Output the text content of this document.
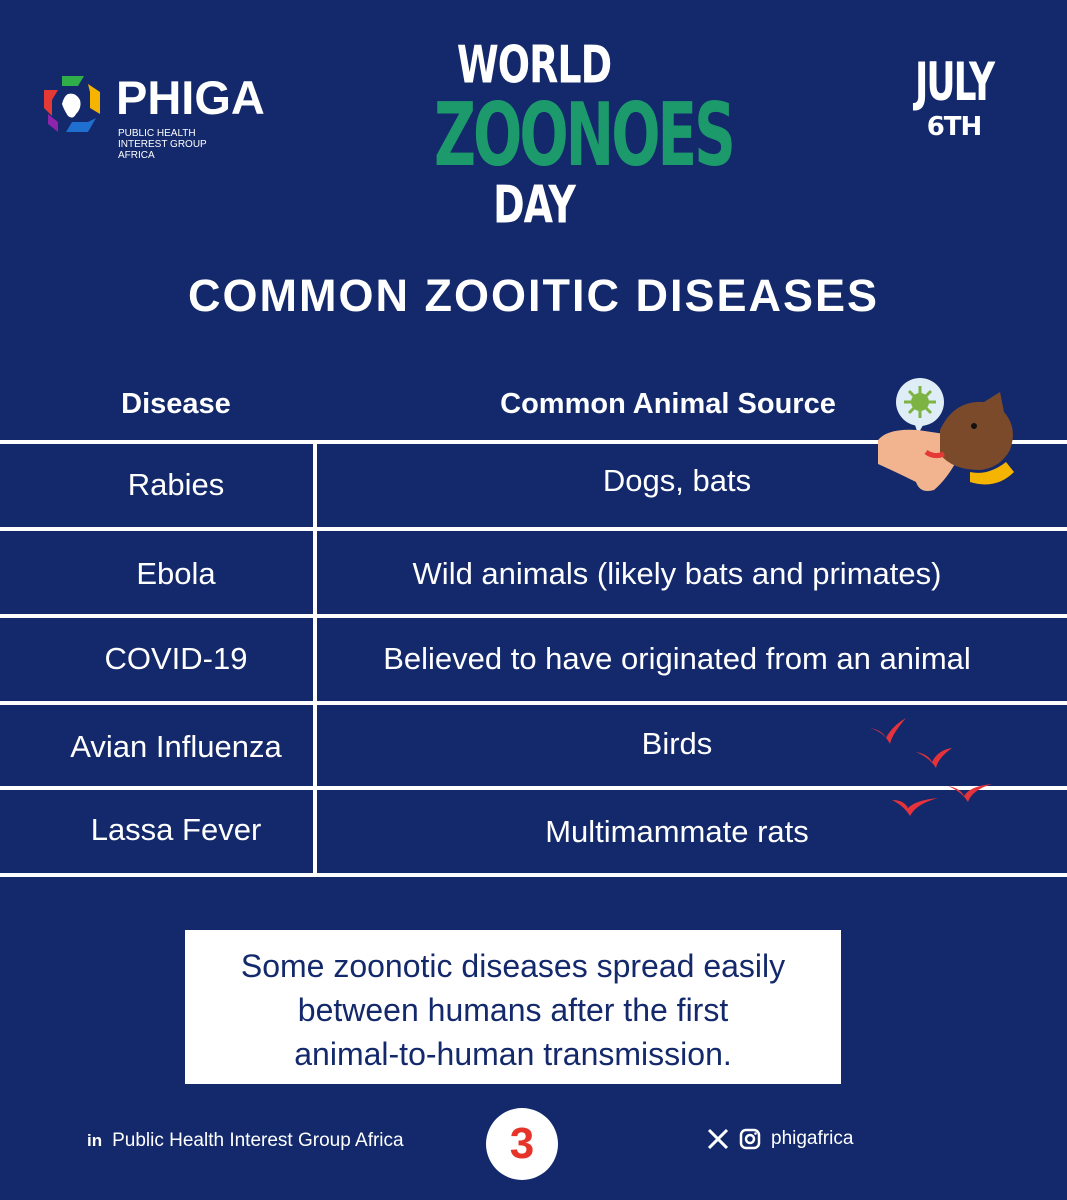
PHIGA
PUBLIC HEALTH
INTEREST GROUP
AFRICA
WORLD
ZOONOES
DAY
JULY
6TH
COMMON ZOOITIC DISEASES
Disease	Common Animal Source
Rabies	Dogs, bats
Ebola	Wild animals (likely bats and primates)
COVID-19	Believed to have originated from an animal
Avian Influenza	Birds
Lassa Fever	Multimammate rats
Some zoonotic diseases spread easily
between humans after the first
animal-to-human transmission.
in Public Health Interest Group Africa	3	phigafrica
